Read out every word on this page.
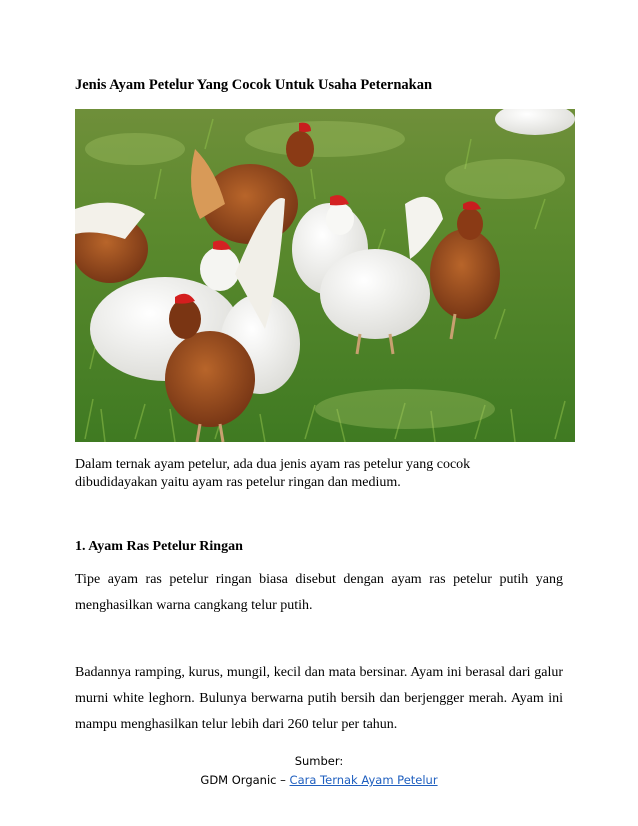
Jenis Ayam Petelur Yang Cocok Untuk Usaha Peternakan

Dalam ternak ayam petelur, ada dua jenis ayam ras petelur yang cocok dibudidayakan yaitu ayam ras petelur ringan dan medium.

1. Ayam Ras Petelur Ringan

Tipe ayam ras petelur ringan biasa disebut dengan ayam ras petelur putih yang menghasilkan warna cangkang telur putih.

Badannya ramping, kurus, mungil, kecil dan mata bersinar. Ayam ini berasal dari galur murni white leghorn. Bulunya berwarna putih bersih dan berjengger merah. Ayam ini mampu menghasilkan telur lebih dari 260 telur per tahun.

Sumber:
GDM Organic – Cara Ternak Ayam Petelur
